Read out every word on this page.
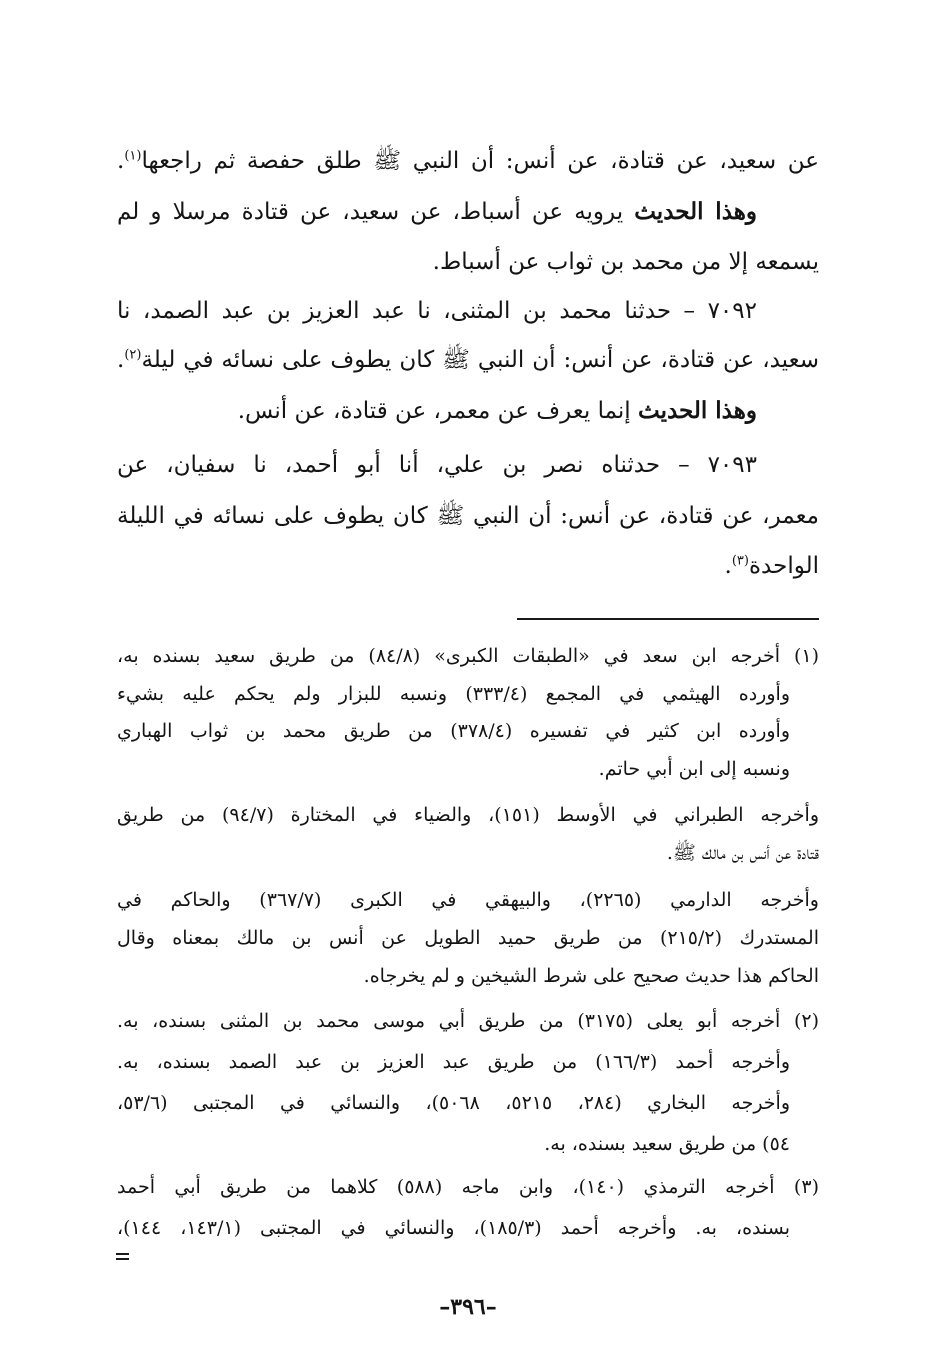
عن سعيد، عن قتادة، عن أنس: أن النبي ﷺ طلق حفصة ثم راجعها$^{(١)}$.
وهذا الحديث يرويه عن أسباط، عن سعيد، عن قتادة مرسلا و لم
يسمعه إلا من محمد بن ثواب عن أسباط.
٧٠٩٢ – حدثنا محمد بن المثنى، نا عبد العزيز بن عبد الصمد، نا
سعيد، عن قتادة، عن أنس: أن النبي ﷺ كان يطوف على نسائه في ليلة$^{(٢)}$.
وهذا الحديث إنما يعرف عن معمر، عن قتادة، عن أنس.
٧٠٩٣ – حدثناه نصر بن علي، أنا أبو أحمد، نا سفيان، عن
معمر، عن قتادة، عن أنس: أن النبي ﷺ كان يطوف على نسائه في الليلة
الواحدة$^{(٣)}$.
(١) أخرجه ابن سعد في «الطبقات الكبرى» (٨٤/٨) من طريق سعيد بسنده به،
وأورده الهيثمي في المجمع (٣٣٣/٤) ونسبه للبزار ولم يحكم عليه بشيء
وأورده ابن كثير في تفسيره (٣٧٨/٤) من طريق محمد بن ثواب الهباري
ونسبه إلى ابن أبي حاتم.
وأخرجه الطبراني في الأوسط (١٥١)، والضياء في المختارة (٩٤/٧) من طريق
قتادة عن أنس بن مالك ﷺ.
وأخرجه الدارمي (٢٢٦٥)، والبيهقي في الكبرى (٣٦٧/٧) والحاكم في
المستدرك (٢١٥/٢) من طريق حميد الطويل عن أنس بن مالك بمعناه وقال
الحاكم هذا حديث صحيح على شرط الشيخين و لم يخرجاه.
(٢) أخرجه أبو يعلى (٣١٧٥) من طريق أبي موسى محمد بن المثنى بسنده، به.
وأخرجه أحمد (١٦٦/٣) من طريق عبد العزيز بن عبد الصمد بسنده، به.
وأخرجه البخاري (٢٨٤، ٥٢١٥، ٥٠٦٨)، والنسائي في المجتبى (٥٣/٦،
٥٤) من طريق سعيد بسنده، به.
(٣) أخرجه الترمذي (١٤٠)، وابن ماجه (٥٨٨) كلاهما من طريق أبي أحمد
بسنده، به. وأخرجه أحمد (١٨٥/٣)، والنسائي في المجتبى (١٤٣/١، ١٤٤)،
–٣٩٦–
